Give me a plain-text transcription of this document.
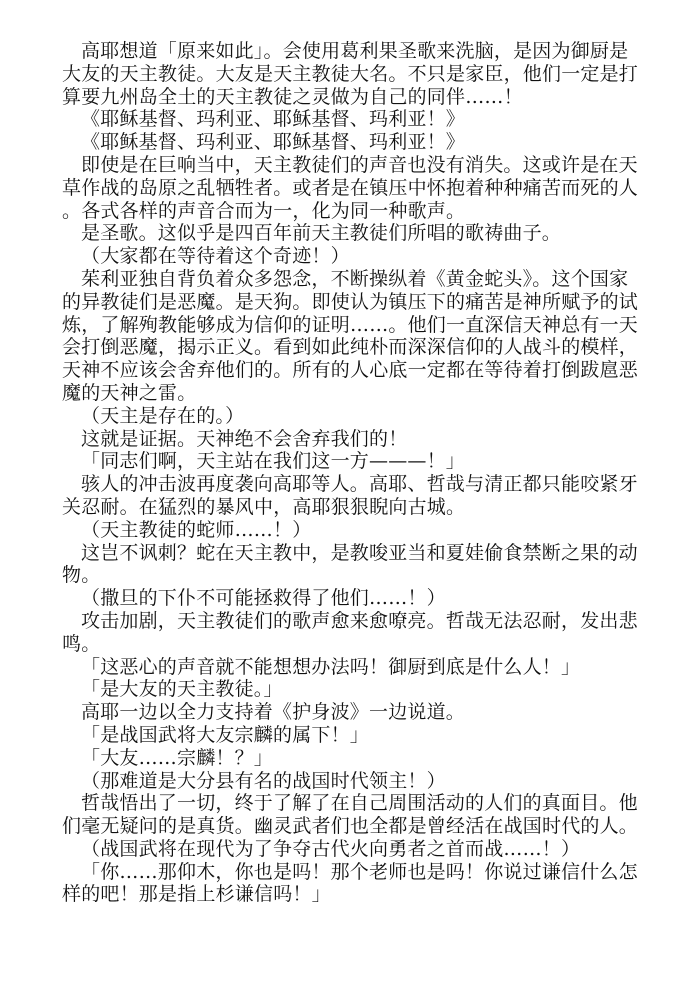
高耶想道「原来如此」。会使用葛利果圣歌来洗脑，是因为御厨是大友的天主教徒。大友是天主教徒大名。不只是家臣，他们一定是打算要九州岛全土的天主教徒之灵做为自己的同伴……！

《耶稣基督、玛利亚、耶稣基督、玛利亚！》

《耶稣基督、玛利亚、耶稣基督、玛利亚！》

即使是在巨响当中，天主教徒们的声音也没有消失。这或许是在天草作战的岛原之乱牺牲者。或者是在镇压中怀抱着种种痛苦而死的人。各式各样的声音合而为一，化为同一种歌声。

是圣歌。这似乎是四百年前天主教徒们所唱的歌祷曲子。

（大家都在等待着这个奇迹！）

茱利亚独自背负着众多怨念，不断操纵着《黄金蛇头》。这个国家的异教徒们是恶魔。是天狗。即使认为镇压下的痛苦是神所赋予的试炼，了解殉教能够成为信仰的证明……。他们一直深信天神总有一天会打倒恶魔，揭示正义。看到如此纯朴而深深信仰的人战斗的模样，天神不应该会舍弃他们的。所有的人心底一定都在等待着打倒跋扈恶魔的天神之雷。

（天主是存在的。）

这就是证据。天神绝不会舍弃我们的！

「同志们啊，天主站在我们这一方———！」

骇人的冲击波再度袭向高耶等人。高耶、哲哉与清正都只能咬紧牙关忍耐。在猛烈的暴风中，高耶狠狠睨向古城。

（天主教徒的蛇师……！）

这岂不讽刺？蛇在天主教中，是教唆亚当和夏娃偷食禁断之果的动物。

（撒旦的下仆不可能拯救得了他们……！）

攻击加剧，天主教徒们的歌声愈来愈嘹亮。哲哉无法忍耐，发出悲鸣。

「这恶心的声音就不能想想办法吗！御厨到底是什么人！」

「是大友的天主教徒。」

高耶一边以全力支持着《护身波》一边说道。

「是战国武将大友宗麟的属下！」

「大友……宗麟！？」

（那难道是大分县有名的战国时代领主！）

哲哉悟出了一切，终于了解了在自己周围活动的人们的真面目。他们毫无疑问的是真货。幽灵武者们也全都是曾经活在战国时代的人。

（战国武将在现代为了争夺古代火向勇者之首而战……！）

「你……那仰木，你也是吗！那个老师也是吗！你说过谦信什么怎样的吧！那是指上杉谦信吗！」
